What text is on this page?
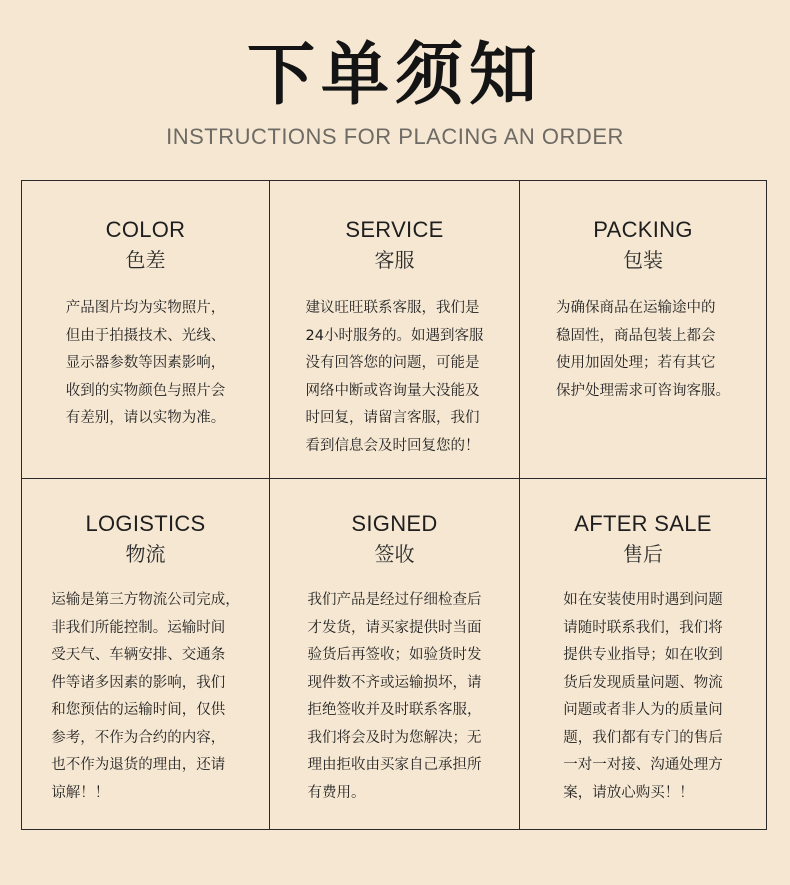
下单须知
INSTRUCTIONS FOR PLACING AN ORDER
COLOR
色差
产品图片均为实物照片，
但由于拍摄技术、光线、
显示器参数等因素影响，
收到的实物颜色与照片会
有差别，请以实物为准。
SERVICE
客服
建议旺旺联系客服，我们是
24小时服务的。如遇到客服
没有回答您的问题，可能是
网络中断或咨询量大没能及
时回复，请留言客服，我们
看到信息会及时回复您的！
PACKING
包装
为确保商品在运输途中的
稳固性，商品包装上都会
使用加固处理；若有其它
保护处理需求可咨询客服。
LOGISTICS
物流
运输是第三方物流公司完成，
非我们所能控制。运输时间
受天气、车辆安排、交通条
件等诸多因素的影响，我们
和您预估的运输时间，仅供
参考，不作为合约的内容，
也不作为退货的理由，还请
谅解！！
SIGNED
签收
我们产品是经过仔细检查后
才发货，请买家提供时当面
验货后再签收；如验货时发
现件数不齐或运输损坏，请
拒绝签收并及时联系客服，
我们将会及时为您解决；无
理由拒收由买家自己承担所
有费用。
AFTER SALE
售后
如在安装使用时遇到问题
请随时联系我们，我们将
提供专业指导；如在收到
货后发现质量问题、物流
问题或者非人为的质量问
题，我们都有专门的售后
一对一对接、沟通处理方
案，请放心购买！！
